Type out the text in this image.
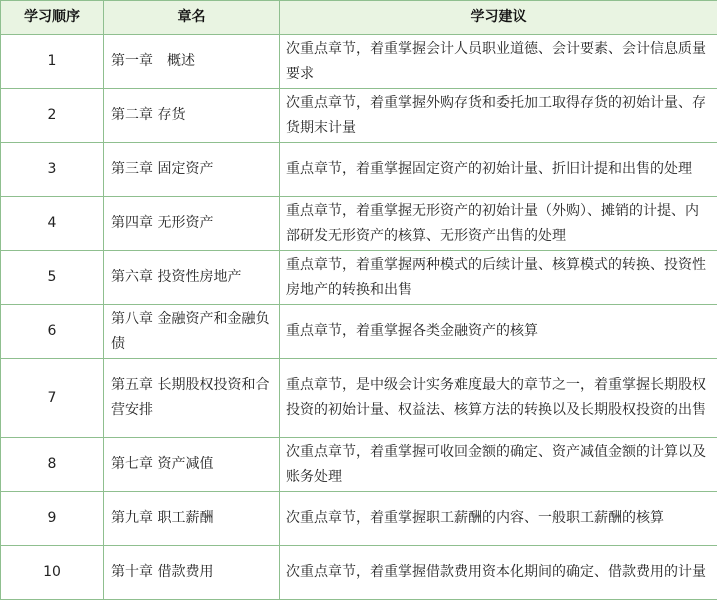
学习顺序	章名	学习建议
1	第一章　概述	次重点章节，着重掌握会计人员职业道德、会计要素、会计信息质量要求
2	第二章 存货	次重点章节，着重掌握外购存货和委托加工取得存货的初始计量、存货期末计量
3	第三章 固定资产	重点章节，着重掌握固定资产的初始计量、折旧计提和出售的处理
4	第四章 无形资产	重点章节，着重掌握无形资产的初始计量（外购）、摊销的计提、内部研发无形资产的核算、无形资产出售的处理
5	第六章 投资性房地产	重点章节，着重掌握两种模式的后续计量、核算模式的转换、投资性房地产的转换和出售
6	第八章 金融资产和金融负债	重点章节，着重掌握各类金融资产的核算
7	第五章 长期股权投资和合营安排	重点章节，是中级会计实务难度最大的章节之一，着重掌握长期股权投资的初始计量、权益法、核算方法的转换以及长期股权投资的出售
8	第七章 资产减值	次重点章节，着重掌握可收回金额的确定、资产减值金额的计算以及账务处理
9	第九章 职工薪酬	次重点章节，着重掌握职工薪酬的内容、一般职工薪酬的核算
10	第十章 借款费用	次重点章节，着重掌握借款费用资本化期间的确定、借款费用的计量
